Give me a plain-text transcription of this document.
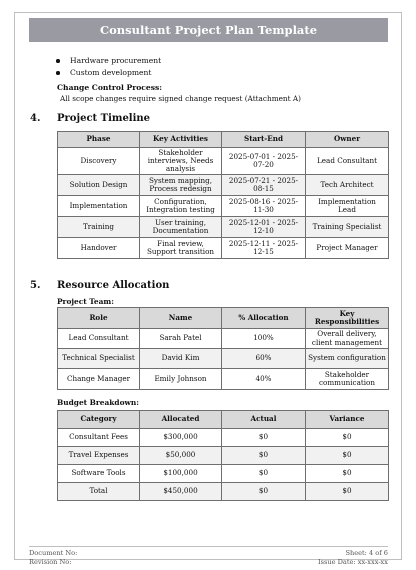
Consultant Project Plan Template
Hardware procurement
Custom development
Change Control Process:
All scope changes require signed change request (Attachment A)
4. Project Timeline
Phase	Key Activities	Start-End	Owner
Discovery	Stakeholder interviews, Needs analysis	2025-07-01 - 2025-07-20	Lead Consultant
Solution Design	System mapping, Process redesign	2025-07-21 - 2025-08-15	Tech Architect
Implementation	Configuration, Integration testing	2025-08-16 - 2025-11-30	Implementation Lead
Training	User training, Documentation	2025-12-01 - 2025-12-10	Training Specialist
Handover	Final review, Support transition	2025-12-11 - 2025-12-15	Project Manager
5. Resource Allocation
Project Team:
Role	Name	% Allocation	Key Responsibilities
Lead Consultant	Sarah Patel	100%	Overall delivery, client management
Technical Specialist	David Kim	60%	System configuration
Change Manager	Emily Johnson	40%	Stakeholder communication
Budget Breakdown:
Category	Allocated	Actual	Variance
Consultant Fees	$300,000	$0	$0
Travel Expenses	$50,000	$0	$0
Software Tools	$100,000	$0	$0
Total	$450,000	$0	$0
Document No:
Revision No:
Sheet: 4 of 6
Issue Date: xx-xxx-xx
